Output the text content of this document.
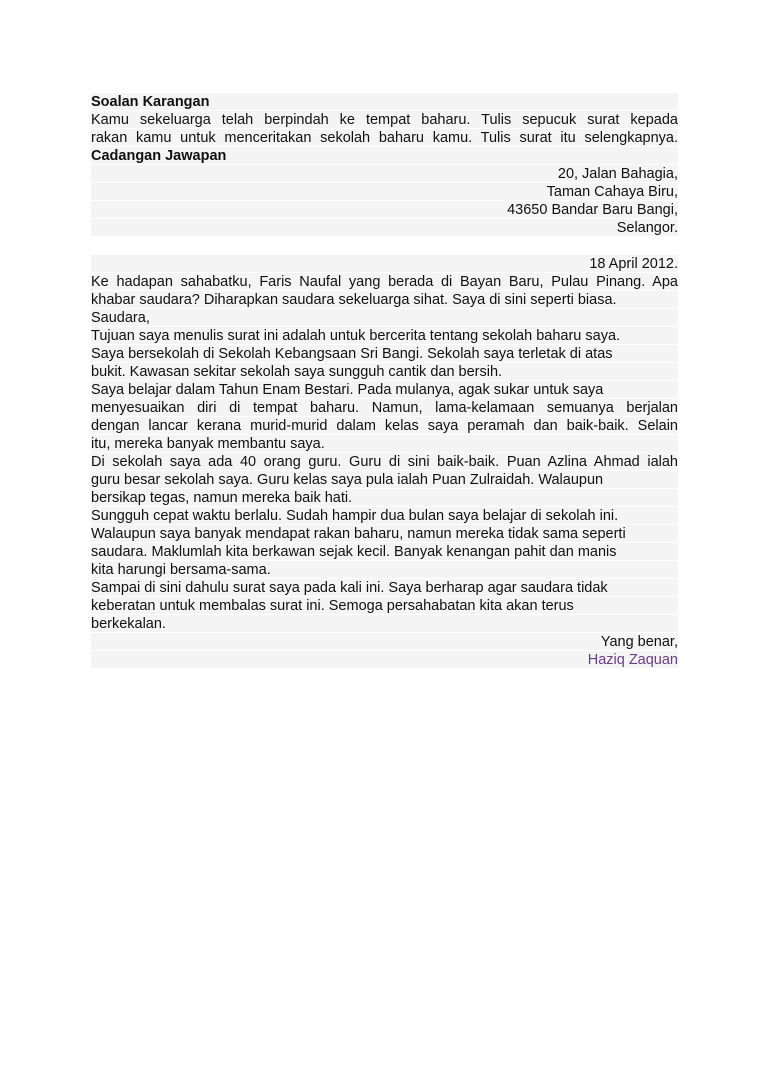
Soalan Karangan
Kamu sekeluarga telah berpindah ke tempat baharu. Tulis sepucuk surat kepada
rakan kamu untuk menceritakan sekolah baharu kamu. Tulis surat itu selengkapnya.
Cadangan Jawapan
20, Jalan Bahagia,
Taman Cahaya Biru,
43650 Bandar Baru Bangi,
Selangor.
18 April 2012.
Ke hadapan sahabatku, Faris Naufal yang berada di Bayan Baru, Pulau Pinang. Apa
khabar saudara? Diharapkan saudara sekeluarga sihat. Saya di sini seperti biasa.
Saudara,
Tujuan saya menulis surat ini adalah untuk bercerita tentang sekolah baharu saya.
Saya bersekolah di Sekolah Kebangsaan Sri Bangi. Sekolah saya terletak di atas
bukit. Kawasan sekitar sekolah saya sungguh cantik dan bersih.
Saya belajar dalam Tahun Enam Bestari. Pada mulanya, agak sukar untuk saya
menyesuaikan diri di tempat baharu. Namun, lama-kelamaan semuanya berjalan
dengan lancar kerana murid-murid dalam kelas saya peramah dan baik-baik. Selain
itu, mereka banyak membantu saya.
Di sekolah saya ada 40 orang guru. Guru di sini baik-baik. Puan Azlina Ahmad ialah
guru besar sekolah saya. Guru kelas saya pula ialah Puan Zulraidah. Walaupun
bersikap tegas, namun mereka baik hati.
Sungguh cepat waktu berlalu. Sudah hampir dua bulan saya belajar di sekolah ini.
Walaupun saya banyak mendapat rakan baharu, namun mereka tidak sama seperti
saudara. Maklumlah kita berkawan sejak kecil. Banyak kenangan pahit dan manis
kita harungi bersama-sama.
Sampai di sini dahulu surat saya pada kali ini. Saya berharap agar saudara tidak
keberatan untuk membalas surat ini. Semoga persahabatan kita akan terus
berkekalan.
Yang benar,
Haziq Zaquan
